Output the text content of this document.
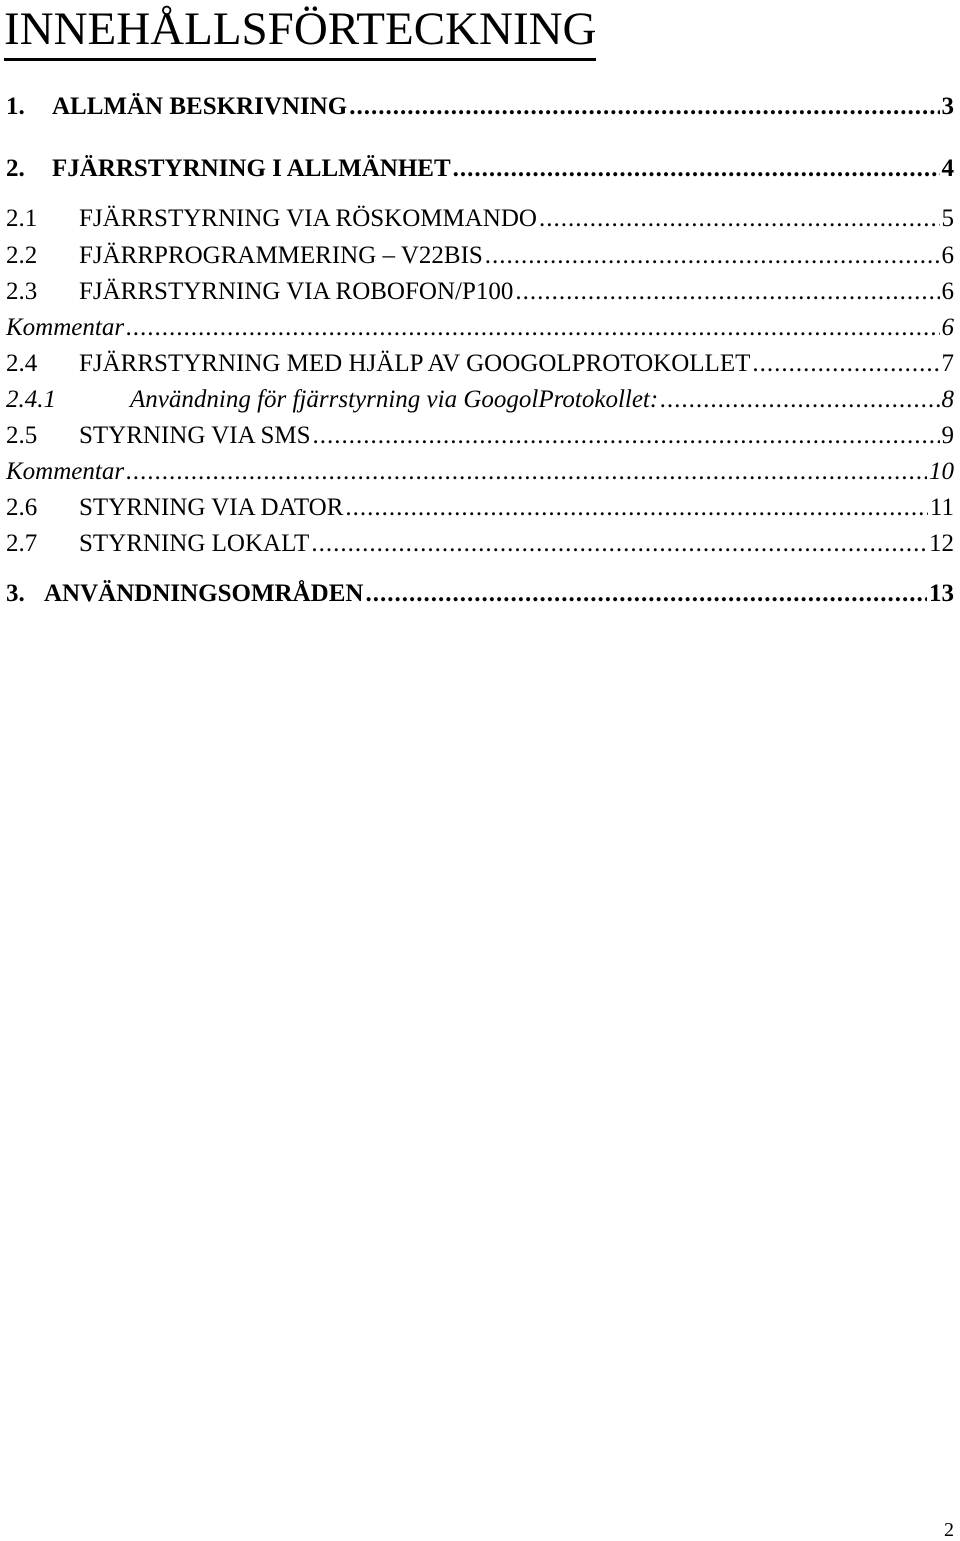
INNEHÅLLSFÖRTECKNING
1.	ALLMÄN BESKRIVNING .....	3
2.	FJÄRRSTYRNING I ALLMÄNHET .....	4
2.1	FJÄRRSTYRNING VIA RÖSKOMMANDO .....	5
2.2	FJÄRRPROGRAMMERING – V22BIS .....	6
2.3	FJÄRRSTYRNING VIA ROBOFON/P100 .....	6
Kommentar .....	6
2.4	FJÄRRSTYRNING MED HJÄLP AV GOOGOLPROTOKOLLET .....	7
2.4.1	Användning för fjärrstyrning via GoogolProtokollet: .....	8
2.5	STYRNING VIA SMS .....	9
Kommentar .....	10
2.6	STYRNING VIA DATOR .....	11
2.7	STYRNING LOKALT .....	12
3. ANVÄNDNINGSOMRÅDEN .....	13
2
